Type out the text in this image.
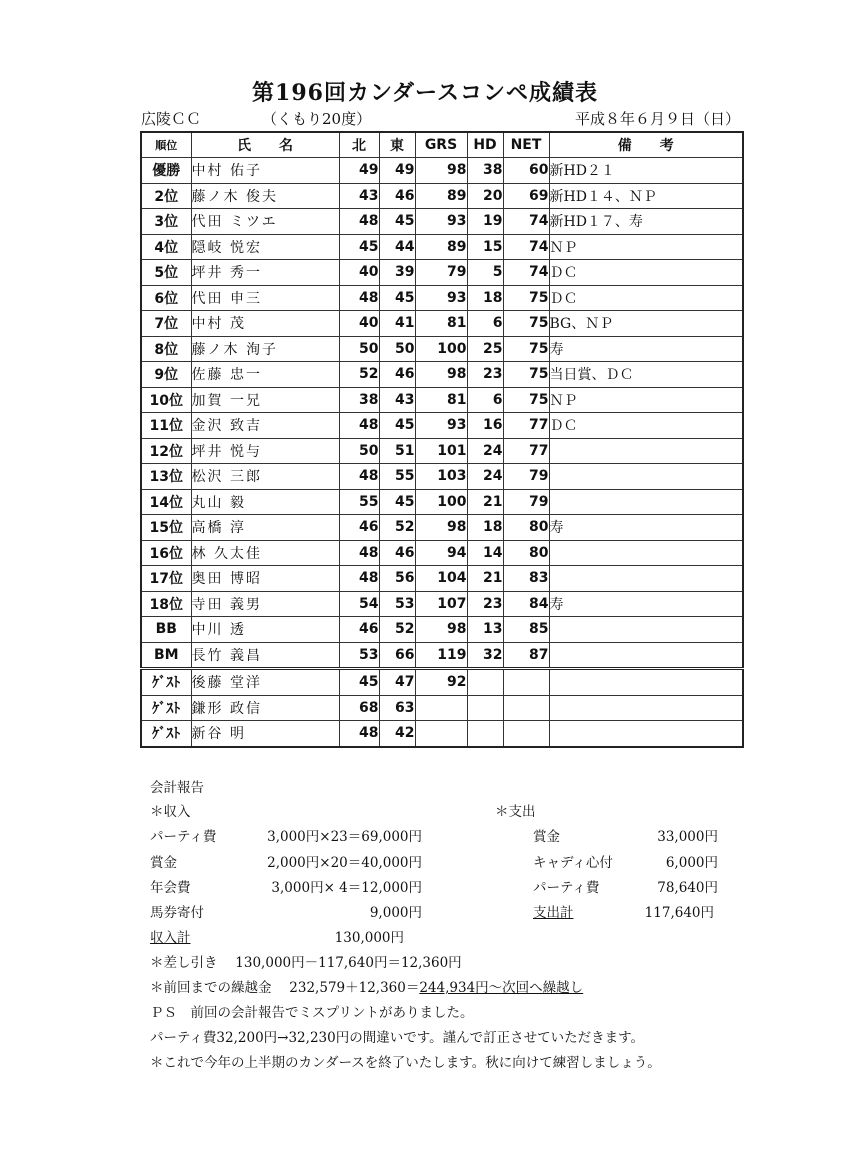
第196回カンダースコンペ成績表
広陵ＣＣ	（くもり20度）	平成８年６月９日（日）
順位	氏　　名	北	東	GRS	HD	NET	備　　考
優勝	中村 佑子	49	49	98	38	60	新HD２１
2位	藤ノ木 俊夫	43	46	89	20	69	新HD１４、ＮＰ
3位	代田 ミツエ	48	45	93	19	74	新HD１７、寿
4位	隠岐 悦宏	45	44	89	15	74	ＮＰ
5位	坪井 秀一	40	39	79	5	74	ＤＣ
6位	代田 申三	48	45	93	18	75	ＤＣ
7位	中村 茂	40	41	81	6	75	BG、ＮＰ
8位	藤ノ木 洵子	50	50	100	25	75	寿
9位	佐藤 忠一	52	46	98	23	75	当日賞、ＤＣ
10位	加賀 一兄	38	43	81	6	75	ＮＰ
11位	金沢 致吉	48	45	93	16	77	ＤＣ
12位	坪井 悦与	50	51	101	24	77	
13位	松沢 三郎	48	55	103	24	79	
14位	丸山 毅	55	45	100	21	79	
15位	高橋 淳	46	52	98	18	80	寿
16位	林 久太佳	48	46	94	14	80	
17位	奥田 博昭	48	56	104	21	83	
18位	寺田 義男	54	53	107	23	84	寿
BB	中川 透	46	52	98	13	85	
BM	長竹 義昌	53	66	119	32	87	
ｹﾞｽﾄ	後藤 堂洋	45	47	92			
ｹﾞｽﾄ	鎌形 政信	68	63				
ｹﾞｽﾄ	新谷 明	48	42				
会計報告
＊収入	＊支出
パーティ費	3,000円×23＝69,000円
賞金	2,000円×20＝40,000円
年会費	3,000円× 4＝12,000円
馬券寄付	9,000円
収入計	130,000円
賞金	33,000円
キャディ心付	6,000円
パーティ費	78,640円
支出計	117,640円
＊差し引き　 130,000円－117,640円＝12,360円
＊前回までの繰越金　 232,579＋12,360＝244,934円～次回へ繰越し
ＰＳ　前回の会計報告でミスプリントがありました。
パーティ費32,200円→32,230円の間違いです。謹んで訂正させていただきます。
＊これで今年の上半期のカンダースを終了いたします。秋に向けて練習しましょう。
